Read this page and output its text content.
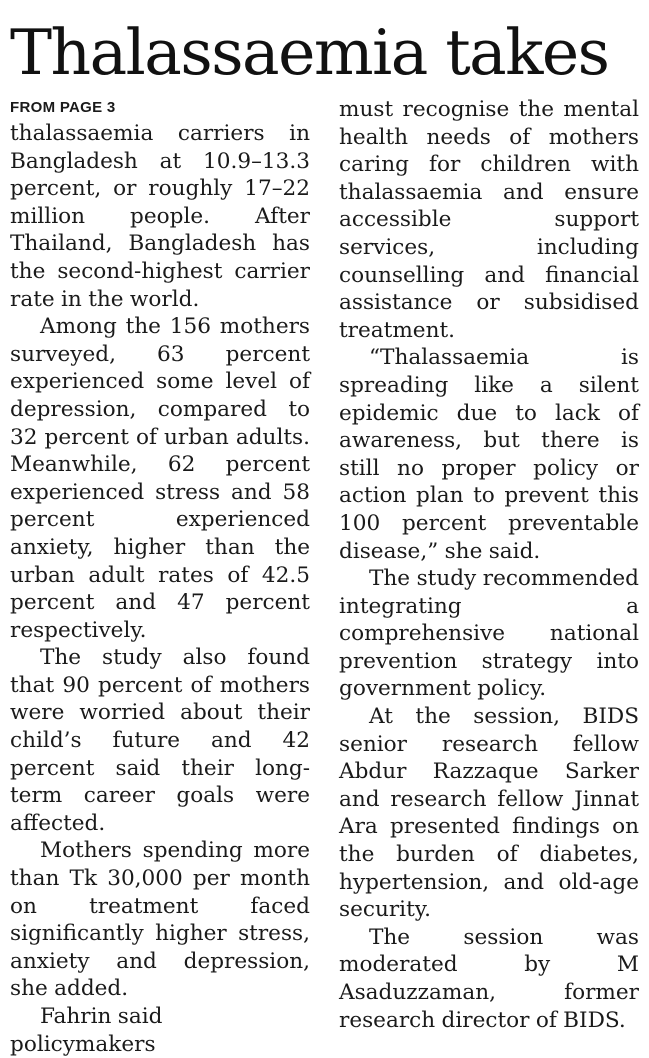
Thalassaemia takes

FROM PAGE 3

thalassaemia carriers in Bangladesh at 10.9–13.3 percent, or roughly 17–22 million people. After Thailand, Bangladesh has the second-highest carrier rate in the world.

Among the 156 mothers surveyed, 63 percent experienced some level of depression, compared to 32 percent of urban adults. Meanwhile, 62 percent experienced stress and 58 percent experienced anxiety, higher than the urban adult rates of 42.5 percent and 47 percent respectively.

The study also found that 90 percent of mothers were worried about their child’s future and 42 percent said their long-term career goals were affected.

Mothers spending more than Tk 30,000 per month on treatment faced significantly higher stress, anxiety and depression, she added.

Fahrin said policymakers

must recognise the mental health needs of mothers caring for children with thalassaemia and ensure accessible support services, including counselling and financial assistance or subsidised treatment.

“Thalassaemia is spreading like a silent epidemic due to lack of awareness, but there is still no proper policy or action plan to prevent this 100 percent preventable disease,” she said.

The study recommended integrating a comprehensive national prevention strategy into government policy.

At the session, BIDS senior research fellow Abdur Razzaque Sarker and research fellow Jinnat Ara presented findings on the burden of diabetes, hypertension, and old-age security.

The session was moderated by M Asaduzzaman, former research director of BIDS.
